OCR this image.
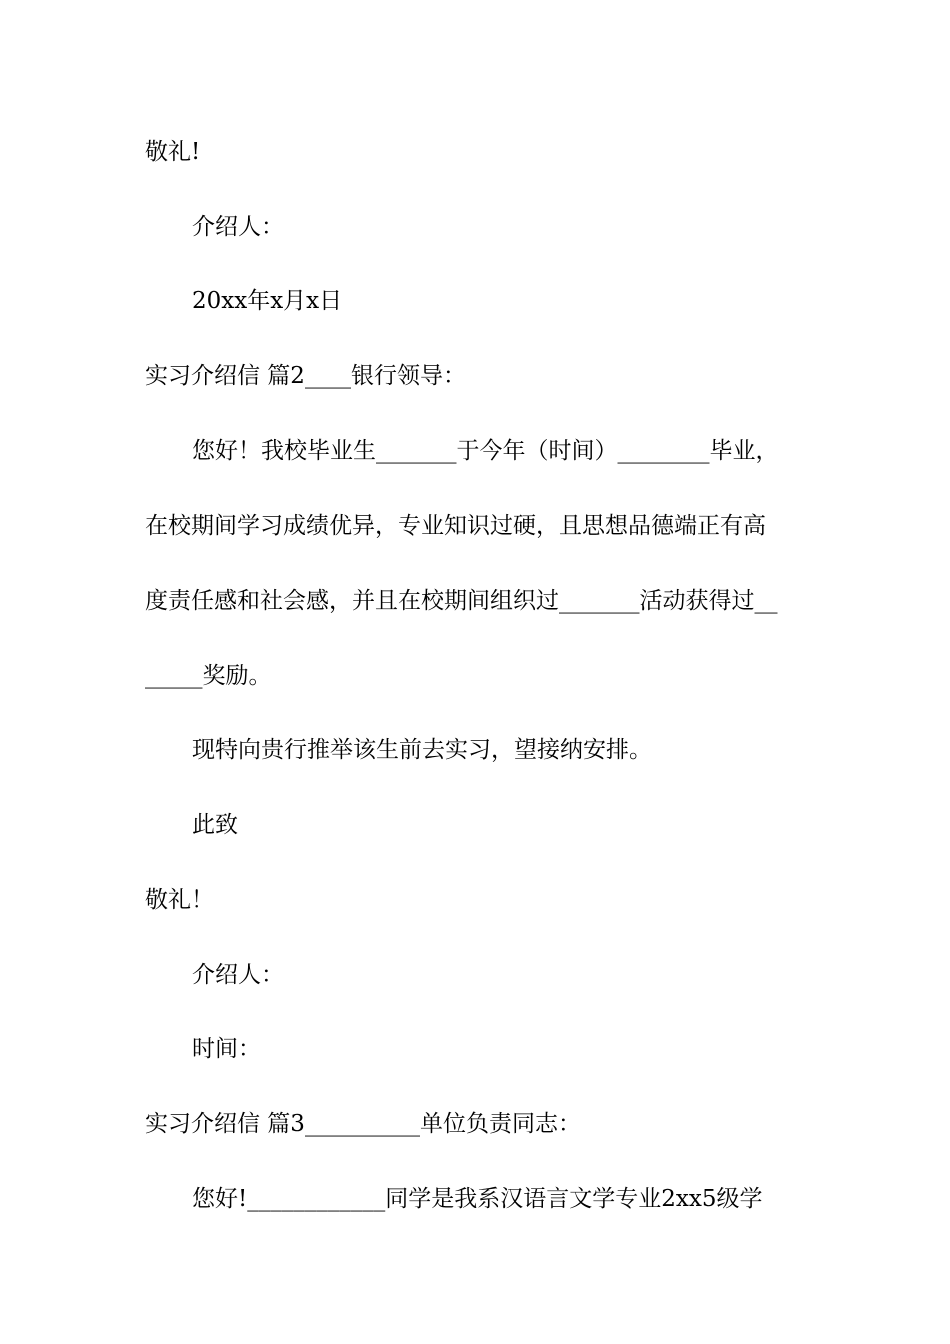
敬礼!
介绍人：
20xx年x月x日
实习介绍信 篇2____银行领导：
您好！我校毕业生_______于今年（时间）________毕业，
在校期间学习成绩优异，专业知识过硬，且思想品德端正有高
度责任感和社会感，并且在校期间组织过_______活动获得过__
_____奖励。
现特向贵行推举该生前去实习，望接纳安排。
此致
敬礼！
介绍人：
时间：
实习介绍信 篇3__________单位负责同志：
您好!____________同学是我系汉语言文学专业2xx5级学
